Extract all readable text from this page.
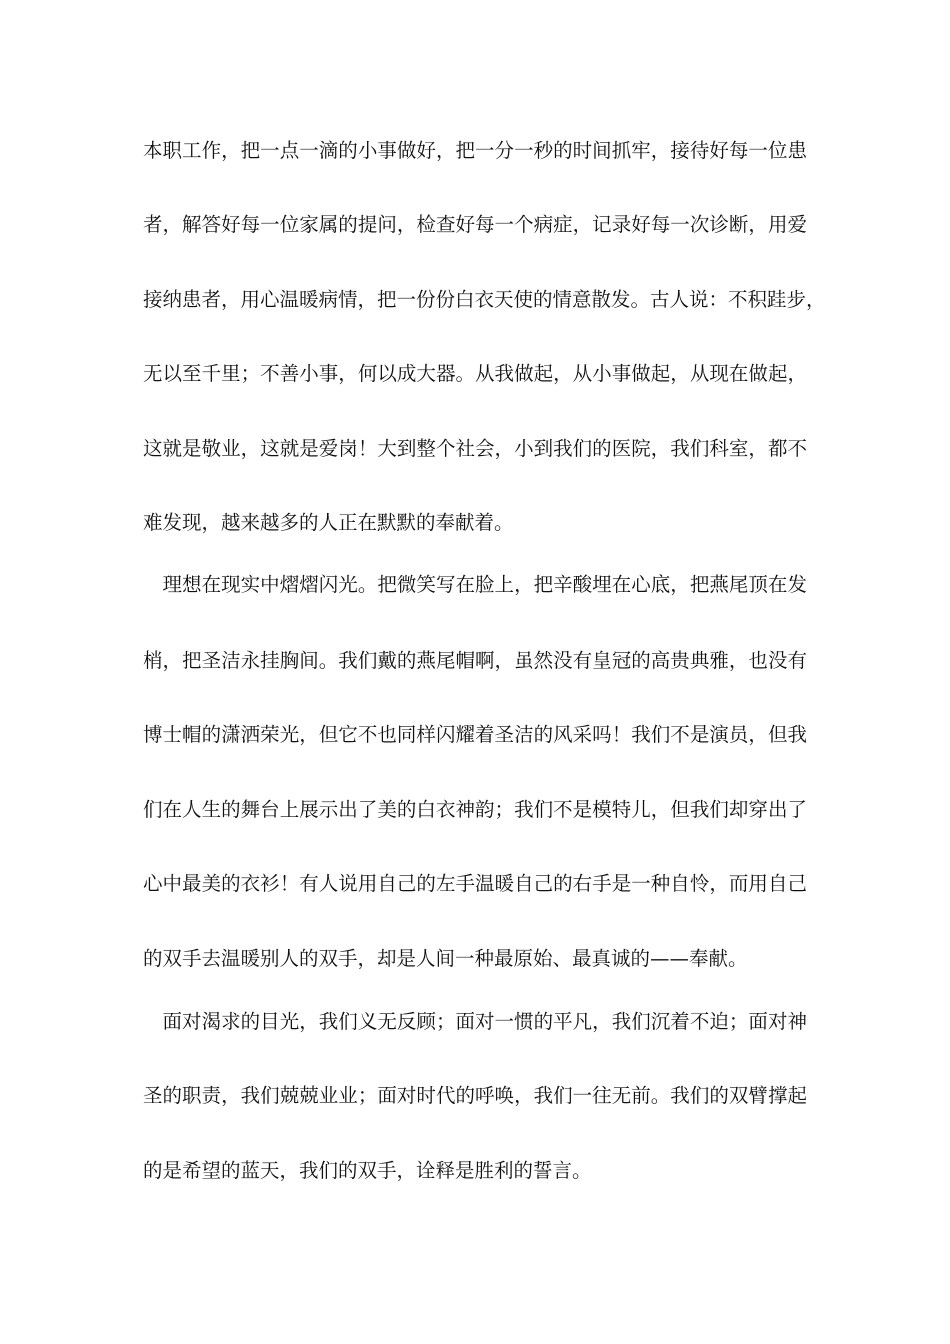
本职工作，把一点一滴的小事做好，把一分一秒的时间抓牢，接待好每一位患
者，解答好每一位家属的提问，检查好每一个病症，记录好每一次诊断，用爱
接纳患者，用心温暖病情，把一份份白衣天使的情意散发。古人说：不积跬步，
无以至千里；不善小事，何以成大器。从我做起，从小事做起，从现在做起，
这就是敬业，这就是爱岗！大到整个社会，小到我们的医院，我们科室，都不
难发现，越来越多的人正在默默的奉献着。
　理想在现实中熠熠闪光。把微笑写在脸上，把辛酸埋在心底，把燕尾顶在发
梢，把圣洁永挂胸间。我们戴的燕尾帽啊，虽然没有皇冠的高贵典雅，也没有
博士帽的潇洒荣光，但它不也同样闪耀着圣洁的风采吗！我们不是演员，但我
们在人生的舞台上展示出了美的白衣神韵；我们不是模特儿，但我们却穿出了
心中最美的衣衫！有人说用自己的左手温暖自己的右手是一种自怜，而用自己
的双手去温暖别人的双手，却是人间一种最原始、最真诚的——奉献。
　面对渴求的目光，我们义无反顾；面对一惯的平凡，我们沉着不迫；面对神
圣的职责，我们兢兢业业；面对时代的呼唤，我们一往无前。我们的双臂撑起
的是希望的蓝天，我们的双手，诠释是胜利的誓言。
